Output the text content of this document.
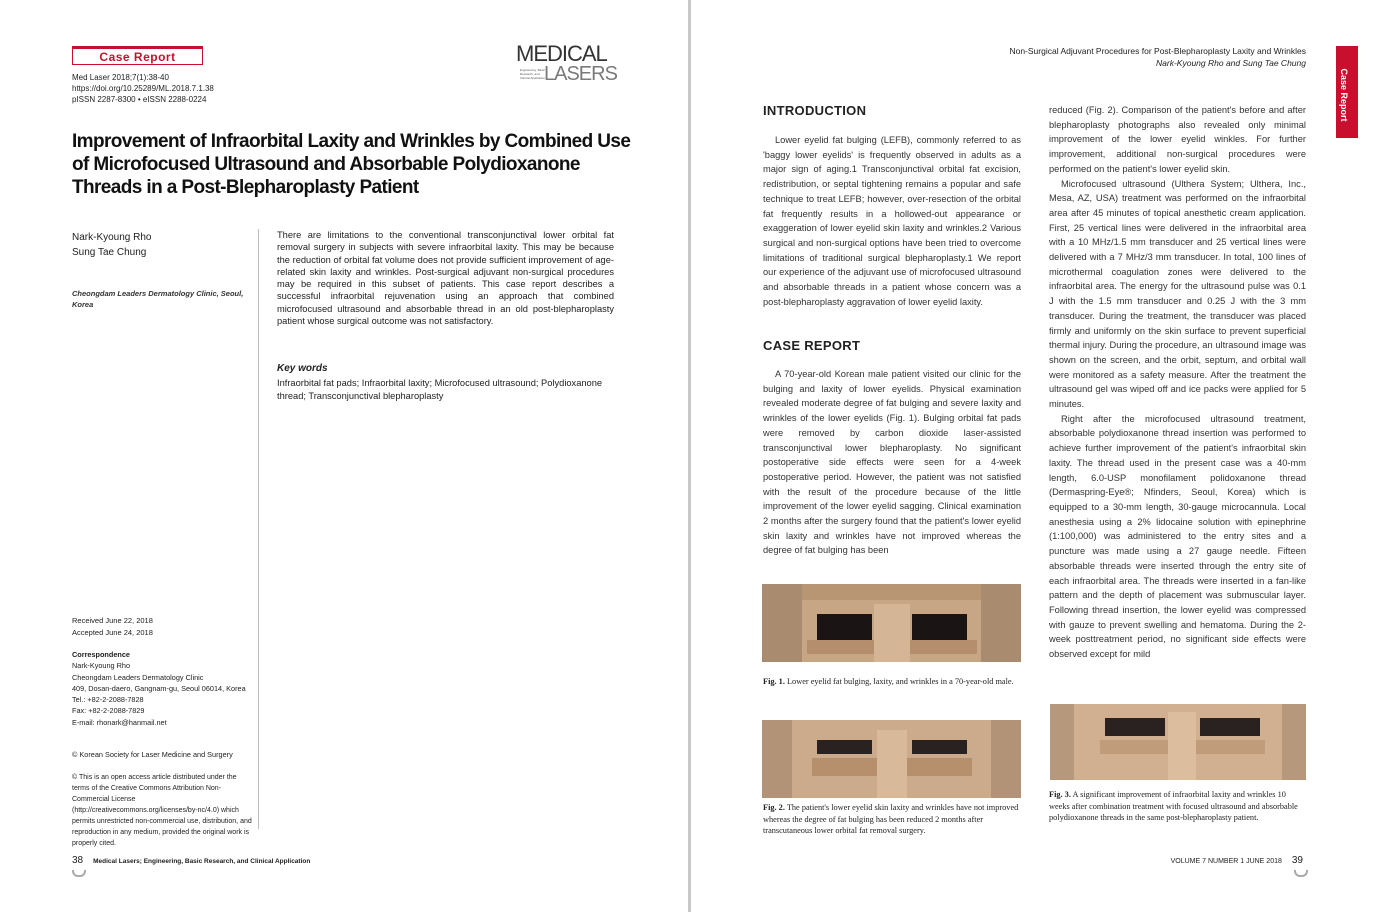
Case Report
Med Laser 2018;7(1):38-40
https://doi.org/10.25289/ML.2018.7.1.38
pISSN 2287-8300 • eISSN 2288-0224
MEDICAL
LASERS
Engineering, Basic Research, and Clinical Application
Improvement of Infraorbital Laxity and Wrinkles by Combined Use of Microfocused Ultrasound and Absorbable Polydioxanone Threads in a Post-Blepharoplasty Patient
Nark-Kyoung Rho
Sung Tae Chung
Cheongdam Leaders Dermatology Clinic, Seoul, Korea
There are limitations to the conventional transconjunctival lower orbital fat removal surgery in subjects with severe infraorbital laxity. This may be because the reduction of orbital fat volume does not provide sufficient improvement of age-related skin laxity and wrinkles. Post-surgical adjuvant non-surgical procedures may be required in this subset of patients. This case report describes a successful infraorbital rejuvenation using an approach that combined microfocused ultrasound and absorbable thread in an old post-blepharoplasty patient whose surgical outcome was not satisfactory.
Key words
Infraorbital fat pads; Infraorbital laxity; Microfocused ultrasound; Polydioxanone thread; Transconjunctival blepharoplasty
Received June 22, 2018
Accepted June 24, 2018
Correspondence
Nark-Kyoung Rho
Cheongdam Leaders Dermatology Clinic
409, Dosan-daero, Gangnam-gu, Seoul 06014, Korea
Tel.: +82-2-2088-7828
Fax: +82-2-2088-7829
E-mail: rhonark@hanmail.net
© Korean Society for Laser Medicine and Surgery
© This is an open access article distributed under the terms of the Creative Commons Attribution Non-Commercial License (http://creativecommons.org/licenses/by-nc/4.0) which permits unrestricted non-commercial use, distribution, and reproduction in any medium, provided the original work is properly cited.
38 Medical Lasers; Engineering, Basic Research, and Clinical Application
Non-Surgical Adjuvant Procedures for Post-Blepharoplasty Laxity and Wrinkles
Nark-Kyoung Rho and Sung Tae Chung
INTRODUCTION

Lower eyelid fat bulging (LEFB), commonly referred to as 'baggy lower eyelids' is frequently observed in adults as a major sign of aging.1 Transconjunctival orbital fat excision, redistribution, or septal tightening remains a popular and safe technique to treat LEFB; however, over-resection of the orbital fat frequently results in a hollowed-out appearance or exaggeration of lower eyelid skin laxity and wrinkles.2 Various surgical and non-surgical options have been tried to overcome limitations of traditional surgical blepharoplasty.1 We report our experience of the adjuvant use of microfocused ultrasound and absorbable threads in a patient whose concern was a post-blepharoplasty aggravation of lower eyelid laxity.

CASE REPORT

A 70-year-old Korean male patient visited our clinic for the bulging and laxity of lower eyelids. Physical examination revealed moderate degree of fat bulging and severe laxity and wrinkles of the lower eyelids (Fig. 1). Bulging orbital fat pads were removed by carbon dioxide laser-assisted transconjunctival lower blepharoplasty. No significant postoperative side effects were seen for a 4-week postoperative period. However, the patient was not satisfied with the result of the procedure because of the little improvement of the lower eyelid sagging. Clinical examination 2 months after the surgery found that the patient's lower eyelid skin laxity and wrinkles have not improved whereas the degree of fat bulging has been

Fig. 1. Lower eyelid fat bulging, laxity, and wrinkles in a 70-year-old male.
Fig. 2. The patient's lower eyelid skin laxity and wrinkles have not improved whereas the degree of fat bulging has been reduced 2 months after transcutaneous lower orbital fat removal surgery.

reduced (Fig. 2). Comparison of the patient's before and after blepharoplasty photographs also revealed only minimal improvement of the lower eyelid winkles. For further improvement, additional non-surgical procedures were performed on the patient's lower eyelid skin.

Microfocused ultrasound (Ulthera System; Ulthera, Inc., Mesa, AZ, USA) treatment was performed on the infraorbital area after 45 minutes of topical anesthetic cream application. First, 25 vertical lines were delivered in the infraorbital area with a 10 MHz/1.5 mm transducer and 25 vertical lines were delivered with a 7 MHz/3 mm transducer. In total, 100 lines of microthermal coagulation zones were delivered to the infraorbital area. The energy for the ultrasound pulse was 0.1 J with the 1.5 mm transducer and 0.25 J with the 3 mm transducer. During the treatment, the transducer was placed firmly and uniformly on the skin surface to prevent superficial thermal injury. During the procedure, an ultrasound image was shown on the screen, and the orbit, septum, and orbital wall were monitored as a safety measure. After the treatment the ultrasound gel was wiped off and ice packs were applied for 5 minutes.

Right after the microfocused ultrasound treatment, absorbable polydioxanone thread insertion was performed to achieve further improvement of the patient's infraorbital skin laxity. The thread used in the present case was a 40-mm length, 6.0-USP monofilament polidoxanone thread (Dermaspring-Eye®; Nfinders, Seoul, Korea) which is equipped to a 30-mm length, 30-gauge microcannula. Local anesthesia using a 2% lidocaine solution with epinephrine (1:100,000) was administered to the entry sites and a puncture was made using a 27 gauge needle. Fifteen absorbable threads were inserted through the entry site of each infraorbital area. The threads were inserted in a fan-like pattern and the depth of placement was submuscular layer. Following thread insertion, the lower eyelid was compressed with gauze to prevent swelling and hematoma. During the 2-week posttreatment period, no significant side effects were observed except for mild

Fig. 3. A significant improvement of infraorbital laxity and wrinkles 10 weeks after combination treatment with focused ultrasound and absorbable polydioxanone threads in the same post-blepharoplasty patient.
VOLUME 7 NUMBER 1 JUNE 2018 39
Case Report
